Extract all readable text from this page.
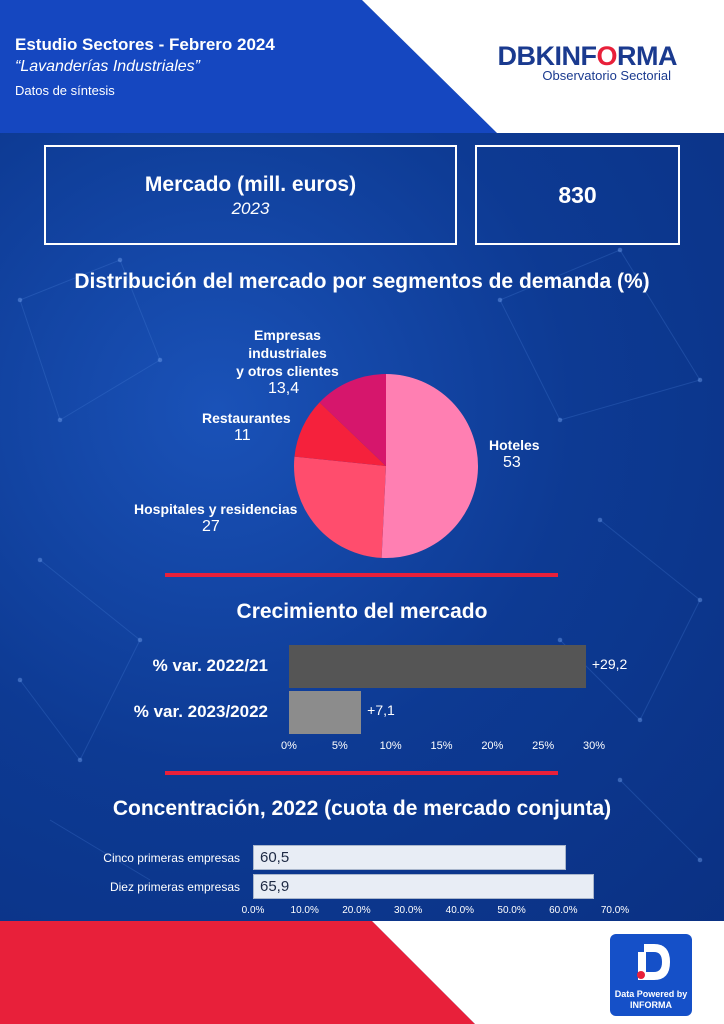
Estudio Sectores - Febrero 2024
“Lavanderías Industriales”
Datos de síntesis
DBKINFORMA
Observatorio Sectorial
Mercado (mill. euros)
2023
830
Distribución del mercado por segmentos de demanda (%)
Empresas industriales
y otros clientes
13,4
Restaurantes
11
Hoteles
53
Hospitales y residencias
27
Crecimiento del mercado
% var. 2022/21
% var. 2023/2022
+29,2
+7,1
0%	5%	10%	15%	20%	25%	30%
Concentración, 2022 (cuota de mercado conjunta)
Cinco primeras empresas
Diez primeras empresas
60,5
65,9
0.0%	10.0% 20.0% 30.0% 40.0% 50.0% 60.0% 70.0%
Data Powered by
INFORMA
